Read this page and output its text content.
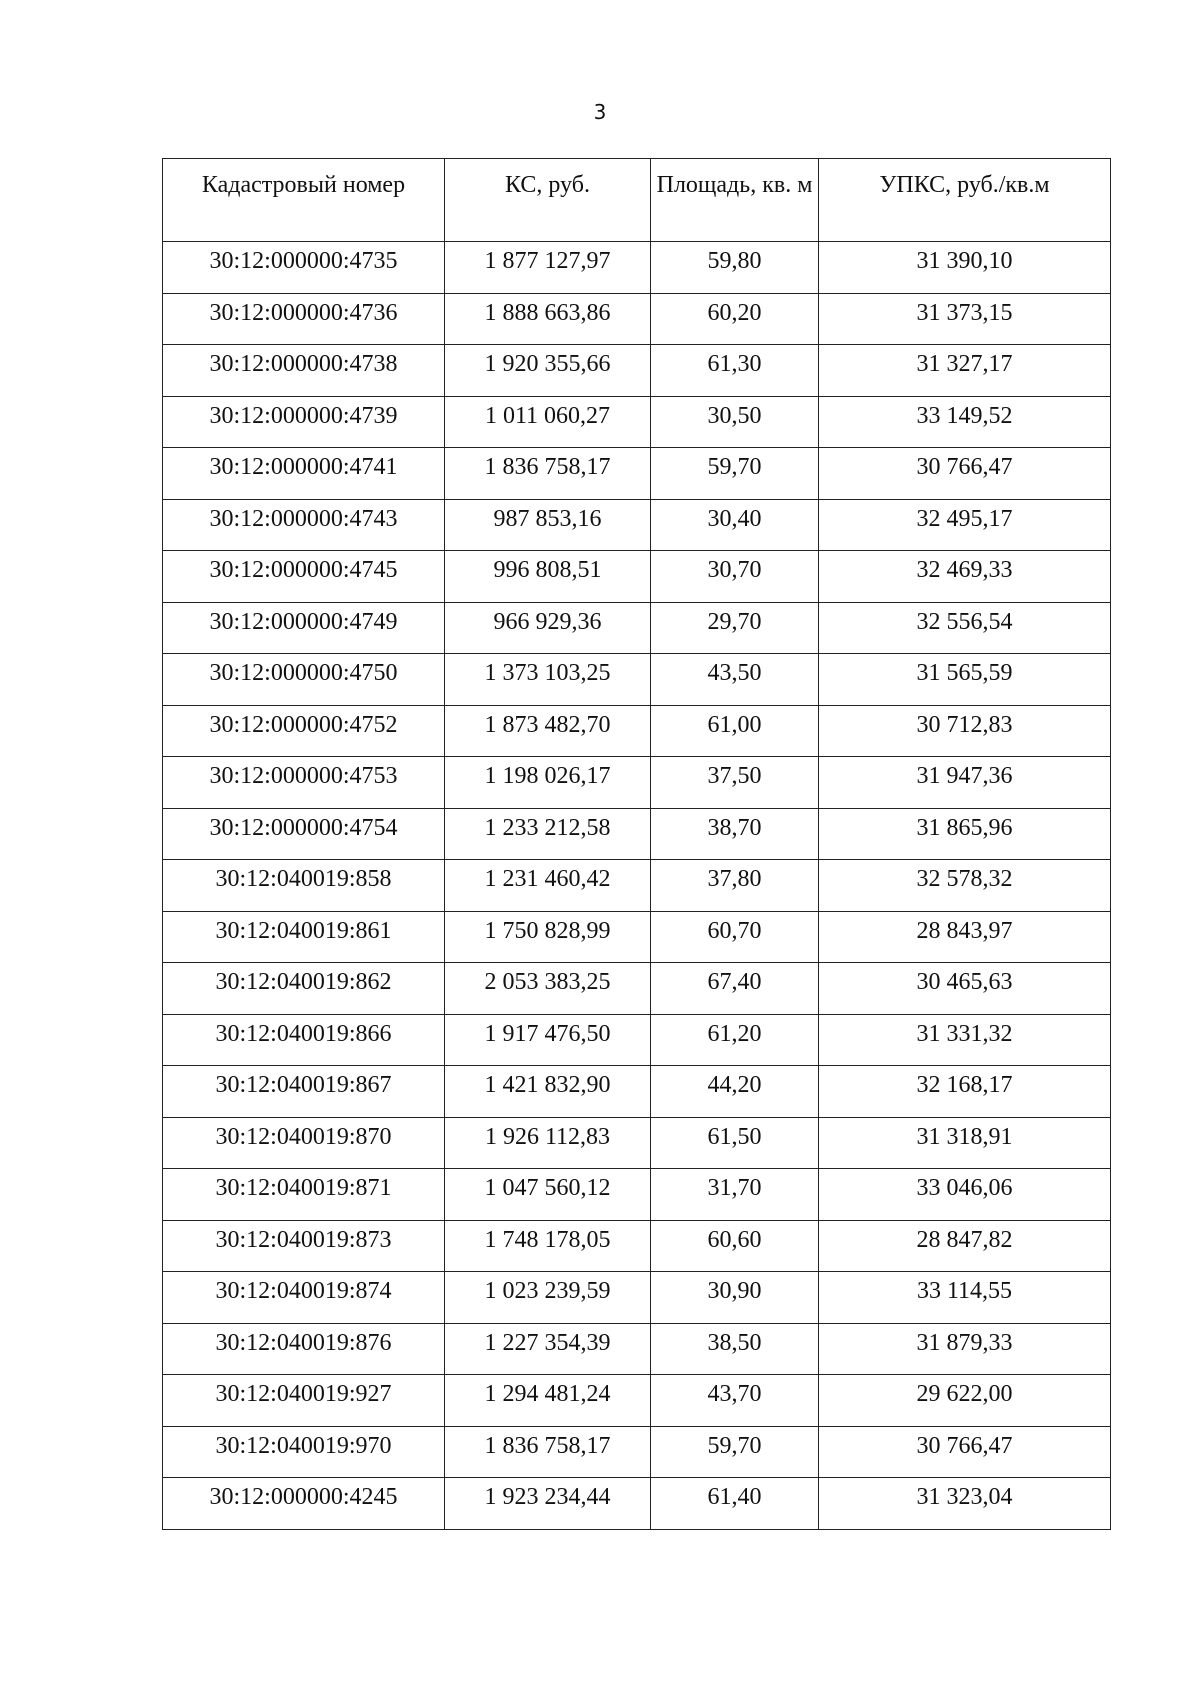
3
Кадастровый номер	КС, руб.	Площадь, кв. м	УПКС, руб./кв.м
30:12:000000:4735	1 877 127,97	59,80	31 390,10
30:12:000000:4736	1 888 663,86	60,20	31 373,15
30:12:000000:4738	1 920 355,66	61,30	31 327,17
30:12:000000:4739	1 011 060,27	30,50	33 149,52
30:12:000000:4741	1 836 758,17	59,70	30 766,47
30:12:000000:4743	987 853,16	30,40	32 495,17
30:12:000000:4745	996 808,51	30,70	32 469,33
30:12:000000:4749	966 929,36	29,70	32 556,54
30:12:000000:4750	1 373 103,25	43,50	31 565,59
30:12:000000:4752	1 873 482,70	61,00	30 712,83
30:12:000000:4753	1 198 026,17	37,50	31 947,36
30:12:000000:4754	1 233 212,58	38,70	31 865,96
30:12:040019:858	1 231 460,42	37,80	32 578,32
30:12:040019:861	1 750 828,99	60,70	28 843,97
30:12:040019:862	2 053 383,25	67,40	30 465,63
30:12:040019:866	1 917 476,50	61,20	31 331,32
30:12:040019:867	1 421 832,90	44,20	32 168,17
30:12:040019:870	1 926 112,83	61,50	31 318,91
30:12:040019:871	1 047 560,12	31,70	33 046,06
30:12:040019:873	1 748 178,05	60,60	28 847,82
30:12:040019:874	1 023 239,59	30,90	33 114,55
30:12:040019:876	1 227 354,39	38,50	31 879,33
30:12:040019:927	1 294 481,24	43,70	29 622,00
30:12:040019:970	1 836 758,17	59,70	30 766,47
30:12:000000:4245	1 923 234,44	61,40	31 323,04
